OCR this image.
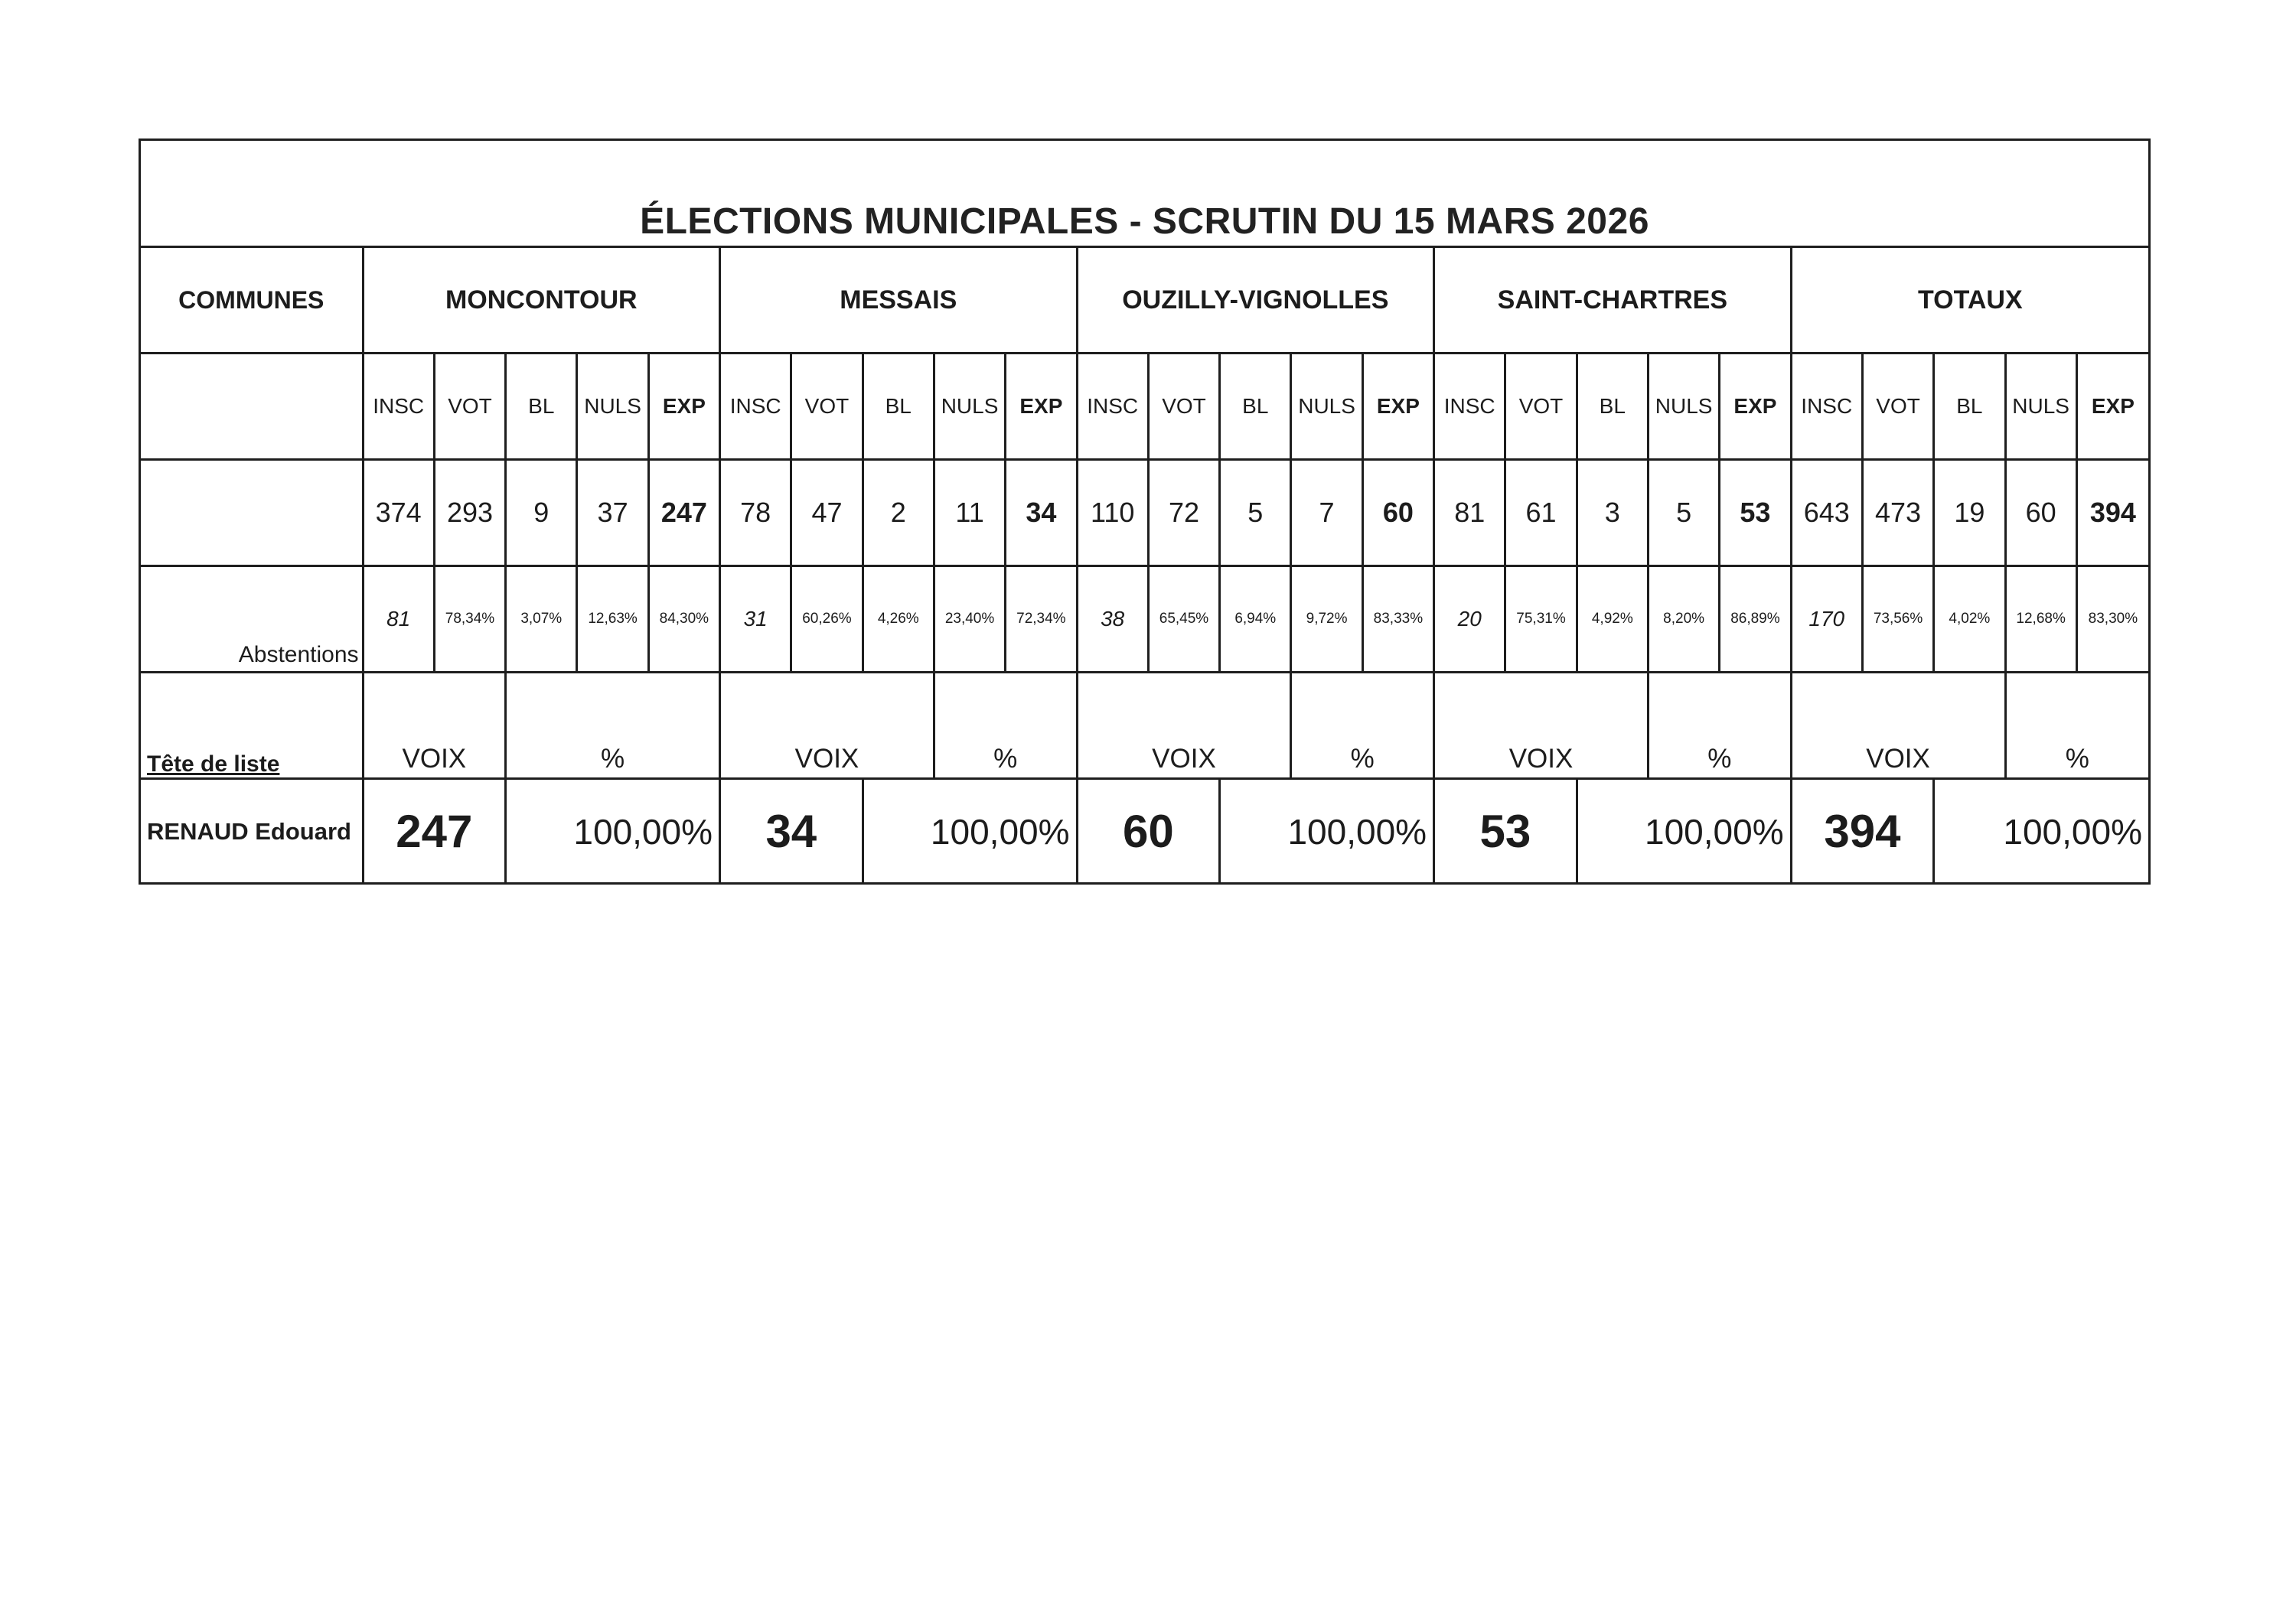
ÉLECTIONS MUNICIPALES - SCRUTIN DU 15 MARS 2026
COMMUNES	MONCONTOUR					MESSAIS					OUZILLY-VIGNOLLES					SAINT-CHARTRES					TOTAUX				
	INSC	VOT	BL	NULS	EXP	INSC	VOT	BL	NULS	EXP	INSC	VOT	BL	NULS	EXP	INSC	VOT	BL	NULS	EXP	INSC	VOT	BL	NULS	EXP
	374	293	9	37	247	78	47	2	11	34	110	72	5	7	60	81	61	3	5	53	643	473	19	60	394
Abstentions	81	78,34%	3,07%	12,63%	84,30%	31	60,26%	4,26%	23,40%	72,34%	38	65,45%	6,94%	9,72%	83,33%	20	75,31%	4,92%	8,20%	86,89%	170	73,56%	4,02%	12,68%	83,30%
Tête de liste	VOIX		%			VOIX			%		VOIX			%		VOIX			%		VOIX			%	
RENAUD Edouard	247		100,00%			34		100,00%			60		100,00%			53		100,00%			394		100,00%		
